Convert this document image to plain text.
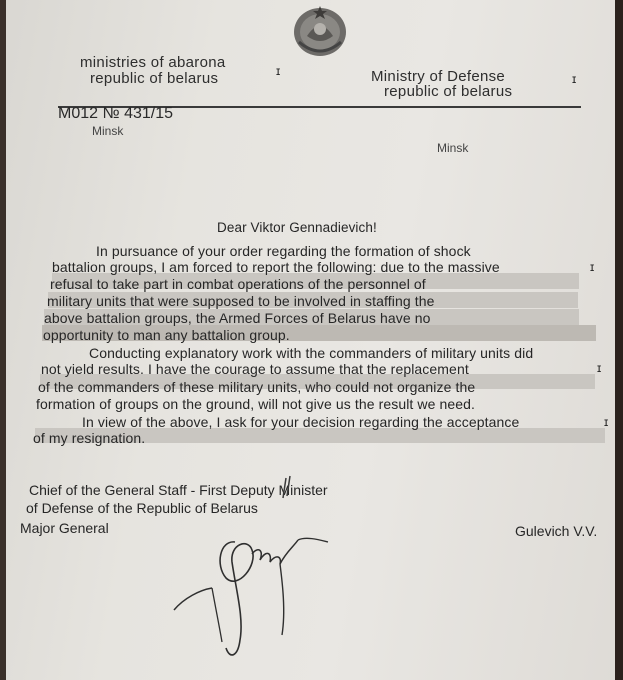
ministries of abarona
republic of belarus	Ministry of Defense
republic of belarus
ɪ
ɪ
M012 № 431/15
Minsk
Minsk
Dear Viktor Gennadievich!
In pursuance of your order regarding the formation of shock
battalion groups, I am forced to report the following: due to the massive
refusal to take part in combat operations of the personnel of
military units that were supposed to be involved in staffing the
above battalion groups, the Armed Forces of Belarus have no
opportunity to man any battalion group.
Conducting explanatory work with the commanders of military units did
not yield results. I have the courage to assume that the replacement
of the commanders of these military units, who could not organize the
formation of groups on the ground, will not give us the result we need.
In view of the above, I ask for your decision regarding the acceptance
of my resignation.
ɪ
ɪ
ɪ
Chief of the General Staff - First Deputy Minister
of Defense of the Republic of Belarus
Major General	Gulevich V.V.
